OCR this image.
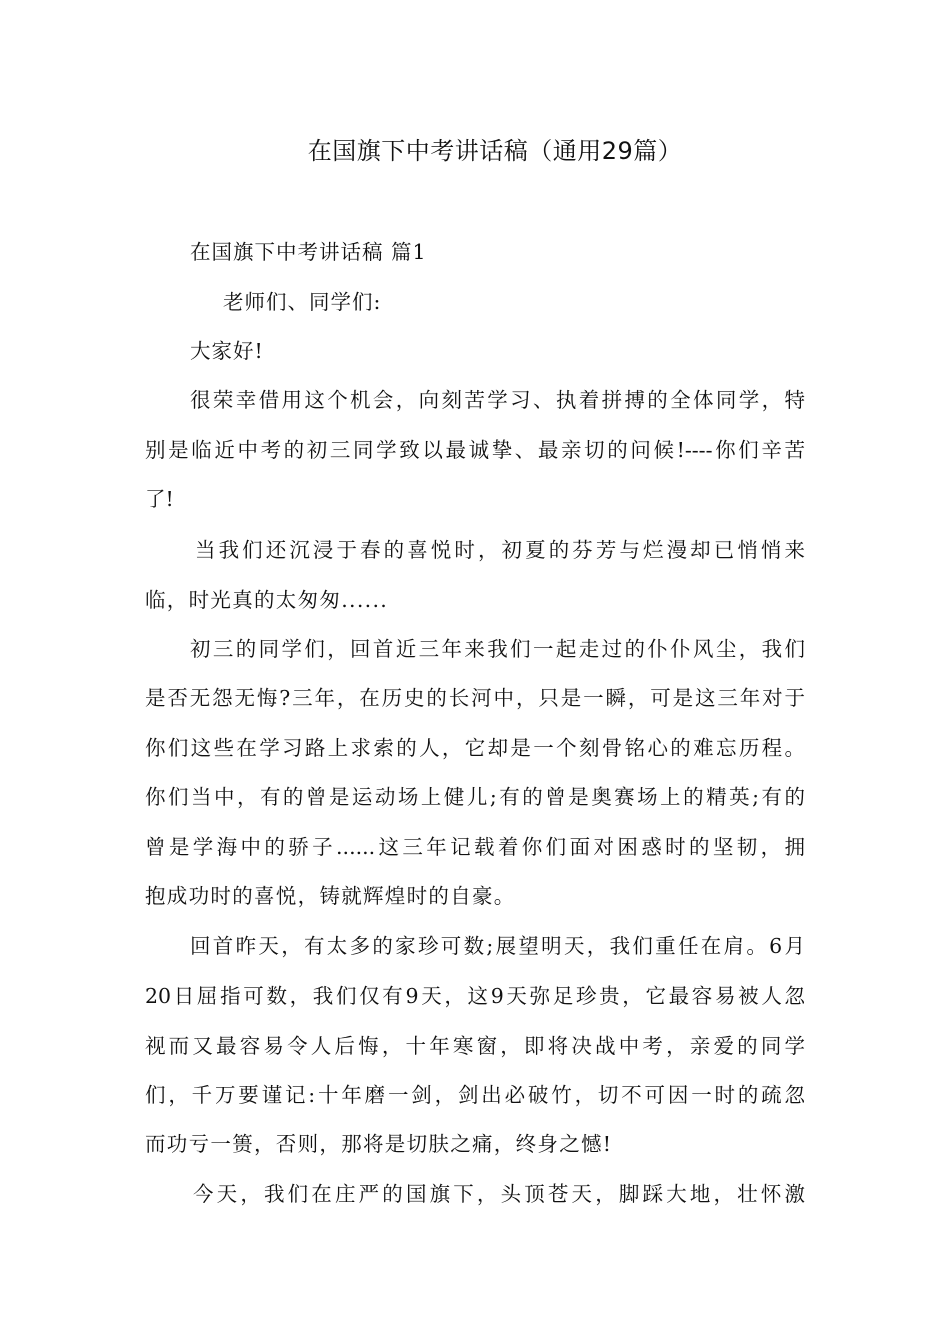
在国旗下中考讲话稿（通用29篇）

在国旗下中考讲话稿 篇1

老师们、同学们:

大家好!

很荣幸借用这个机会，向刻苦学习、执着拼搏的全体同学，特

别是临近中考的初三同学致以最诚挚、最亲切的问候!----你们辛苦

了!

当我们还沉浸于春的喜悦时，初夏的芬芳与烂漫却已悄悄来

临，时光真的太匆匆......

初三的同学们，回首近三年来我们一起走过的仆仆风尘，我们

是否无怨无悔?三年，在历史的长河中，只是一瞬，可是这三年对于

你们这些在学习路上求索的人，它却是一个刻骨铭心的难忘历程。

你们当中，有的曾是运动场上健儿;有的曾是奥赛场上的精英;有的

曾是学海中的骄子......这三年记载着你们面对困惑时的坚韧，拥

抱成功时的喜悦，铸就辉煌时的自豪。

回首昨天，有太多的家珍可数;展望明天，我们重任在肩。6月

20日屈指可数，我们仅有9天，这9天弥足珍贵，它最容易被人忽

视而又最容易令人后悔，十年寒窗，即将决战中考，亲爱的同学

们，千万要谨记:十年磨一剑，剑出必破竹，切不可因一时的疏忽

而功亏一篑，否则，那将是切肤之痛，终身之憾!

今天，我们在庄严的国旗下，头顶苍天，脚踩大地，壮怀激
